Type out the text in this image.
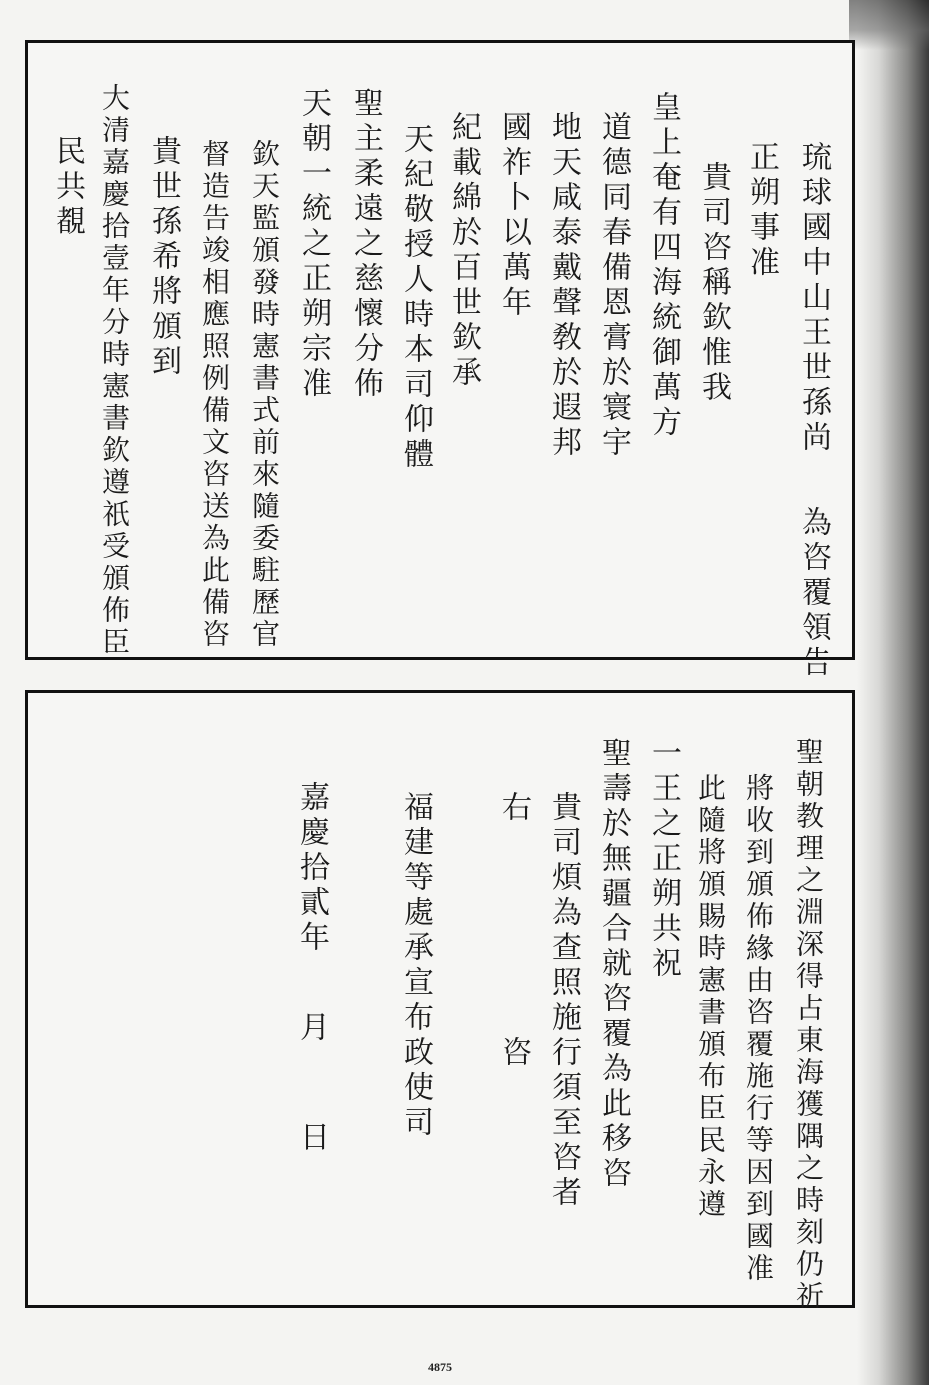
琉球國中山王世孫尚為咨覆領告
正朔事准
貴司咨稱欽惟我
皇上奄有四海統御萬方
道德同春備恩膏於寰宇
地天咸泰戴聲敎於遐邦
國祚卜以萬年
紀載綿於百世欽承
天紀敬授人時本司仰體
聖主柔遠之慈懷分佈
天朝一統之正朔宗准
欽天監頒發時憲書式前來隨委駐歷官
督造告竣相應照例備文咨送為此備咨
貴世孫希將頒到
大清嘉慶拾壹年分時憲書欽遵祇受頒佈臣
民共覩
聖朝教理之淵深得占東海獲隅之時刻仍祈
將收到頒佈緣由咨覆施行等因到國准
此隨將頒賜時憲書頒布臣民永遵
一王之正朔共祝
聖壽於無疆合就咨覆為此移咨
貴司煩為查照施行須至咨者
右咨
福建等處承宣布政使司
嘉慶拾貳年月日
4875
